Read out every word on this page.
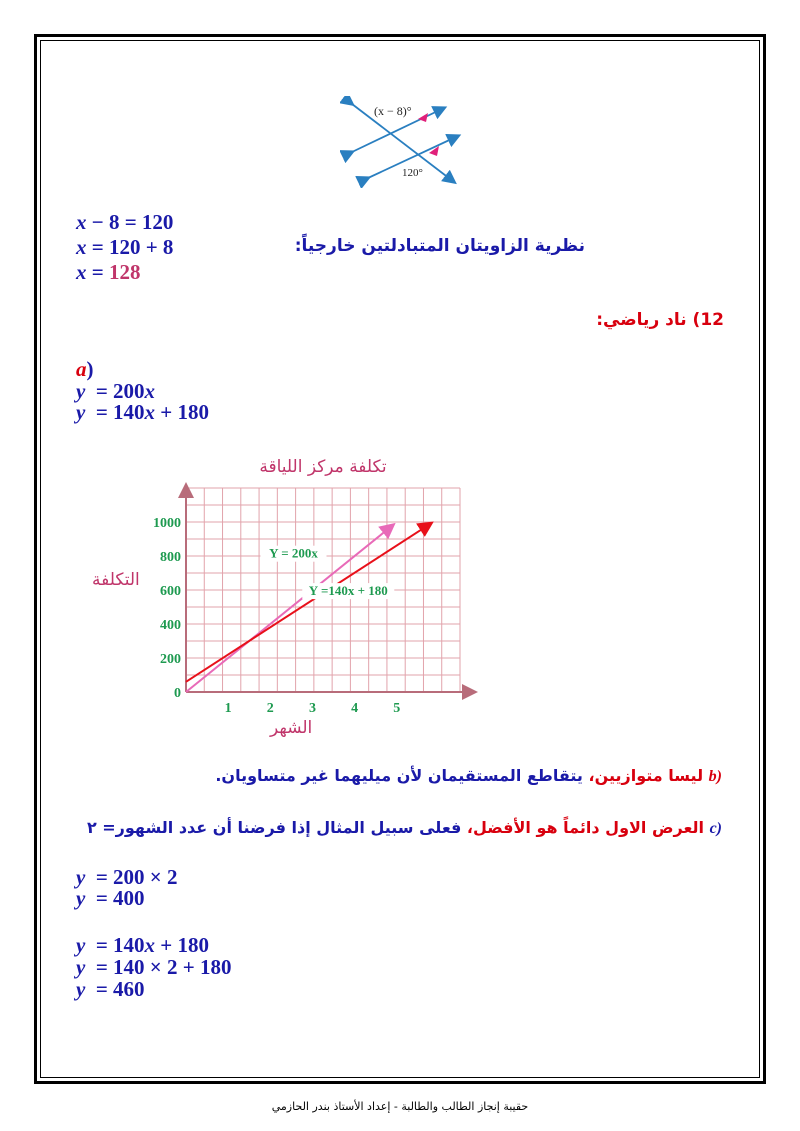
(x − 8)°
120°
x − 8 = 120
x = 120 + 8
x = 128
نظرية الزاويتان المتبادلتين خارجياً:
12) ناد رياضي:
a)
y  = 200x
y  = 140x + 180
تكلفة مركز اللياقة
التكلفة
الشهر
1	2	3	4	5
0
200
400
600
800
1000
Y = 200x
Y =140x + 180
b) ليسا متوازيين، يتقاطع المستقيمان لأن ميليهما غير متساويان.
c) العرض الاول دائماً هو الأفضل، فعلى سبيل المثال إذا فرضنا أن عدد الشهور= ٢
y  = 200 × 2
y  = 400
y  = 140x + 180
y  = 140 × 2 + 180
y  = 460
حقيبة إنجاز الطالب والطالبة - إعداد الأستاذ بندر الحازمي
